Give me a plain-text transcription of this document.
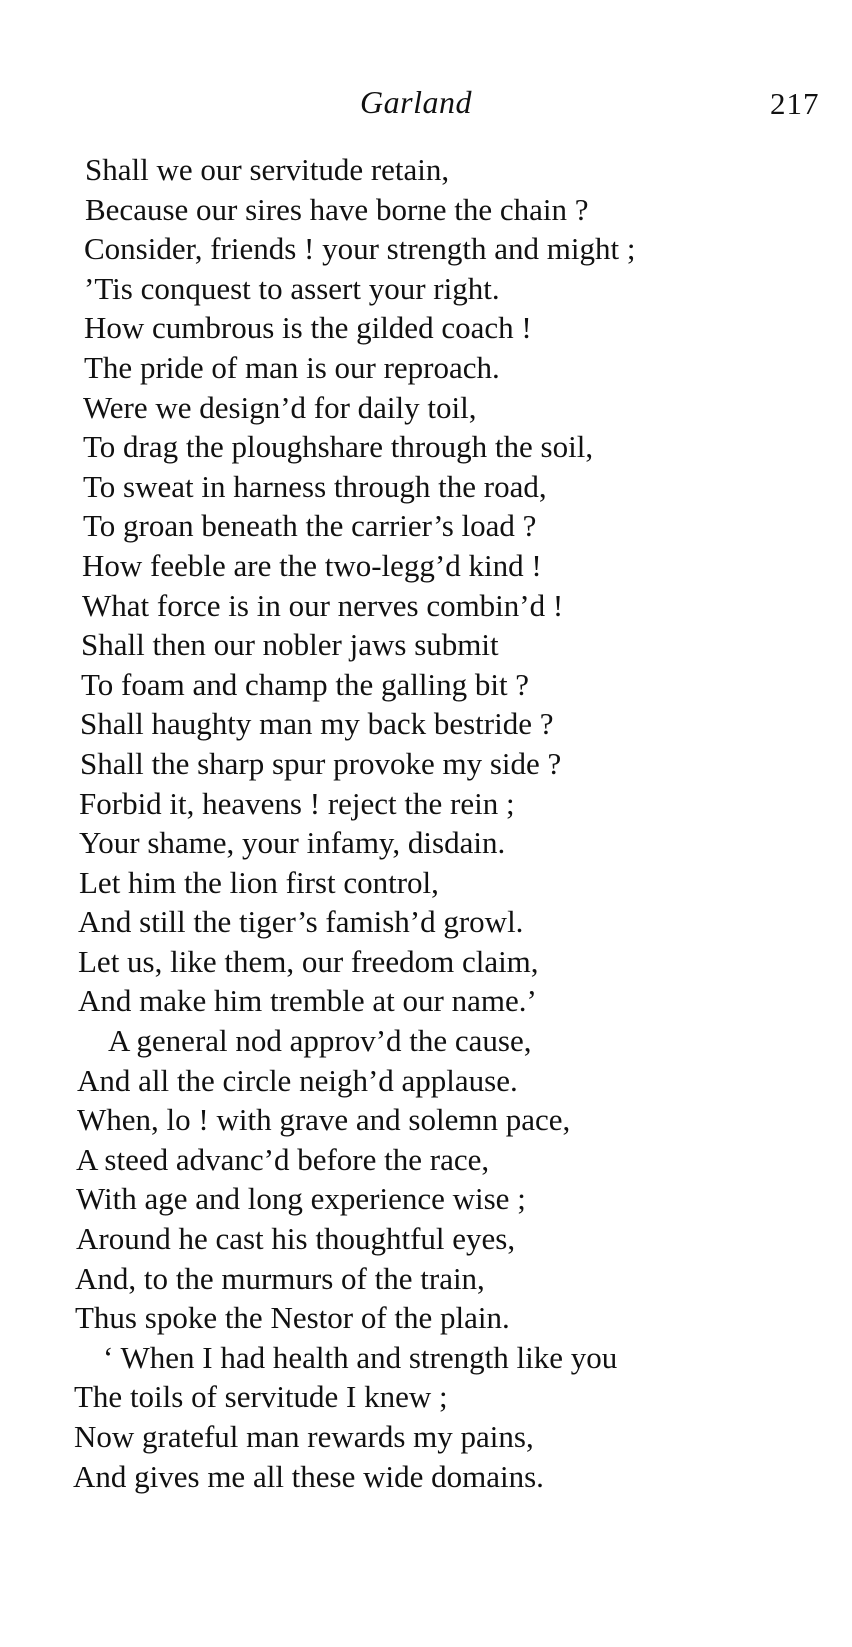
Garland	217
Shall we our servitude retain,
Because our sires have borne the chain ?
Consider, friends ! your strength and might ;
’Tis conquest to assert your right.
How cumbrous is the gilded coach !
The pride of man is our reproach.
Were we design’d for daily toil,
To drag the ploughshare through the soil,
To sweat in harness through the road,
To groan beneath the carrier’s load ?
How feeble are the two-legg’d kind !
What force is in our nerves combin’d !
Shall then our nobler jaws submit
To foam and champ the galling bit ?
Shall haughty man my back bestride ?
Shall the sharp spur provoke my side ?
Forbid it, heavens ! reject the rein ;
Your shame, your infamy, disdain.
Let him the lion first control,
And still the tiger’s famish’d growl.
Let us, like them, our freedom claim,
And make him tremble at our name.’
A general nod approv’d the cause,
And all the circle neigh’d applause.
When, lo ! with grave and solemn pace,
A steed advanc’d before the race,
With age and long experience wise ;
Around he cast his thoughtful eyes,
And, to the murmurs of the train,
Thus spoke the Nestor of the plain.
‘ When I had health and strength like you
The toils of servitude I knew ;
Now grateful man rewards my pains,
And gives me all these wide domains.
